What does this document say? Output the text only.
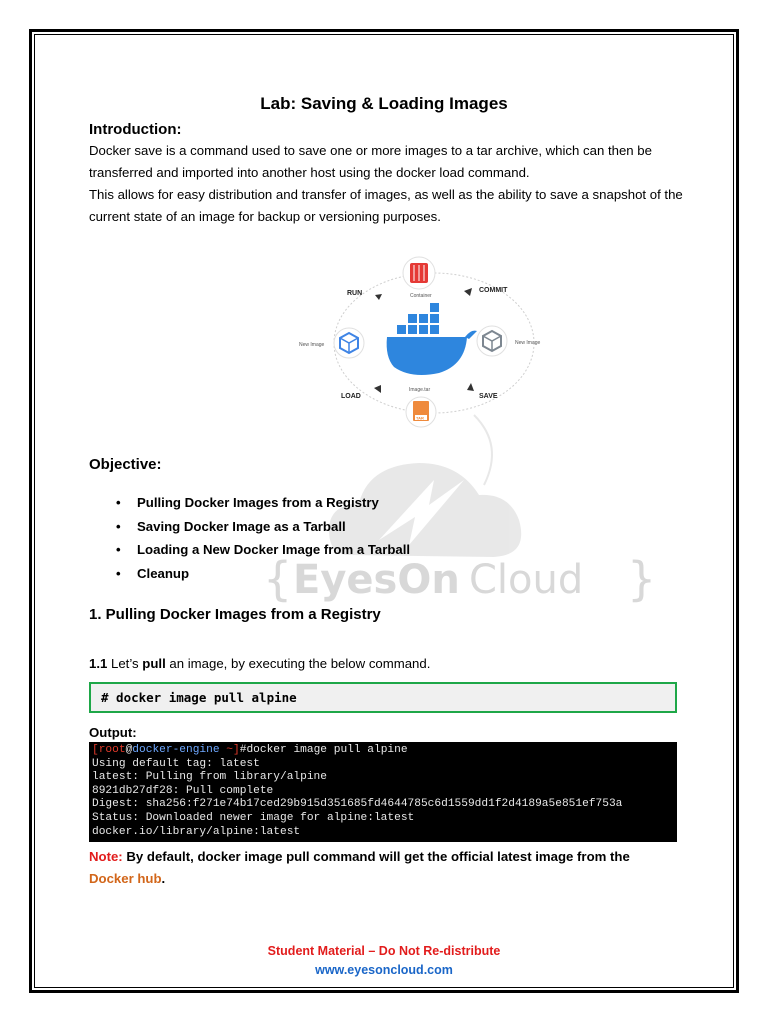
Lab: Saving & Loading Images
Introduction:
Docker save is a command used to save one or more images to a tar archive, which can then be transferred and imported into another host using the docker load command.
This allows for easy distribution and transfer of images, as well as the ability to save a snapshot of the current state of an image for backup or versioning purposes.
RUN	COMMIT
LOAD	SAVE
Container
New Image	New Image
Image.tar
TAR
{ EyesOn Cloud }
Objective:
• Pulling Docker Images from a Registry
• Saving Docker Image as a Tarball
• Loading a New Docker Image from a Tarball
• Cleanup
1. Pulling Docker Images from a Registry
1.1 Let’s pull an image, by executing the below command.
# docker image pull alpine
Output:
[root@docker-engine ~]#docker image pull alpine
Using default tag: latest
latest: Pulling from library/alpine
8921db27df28: Pull complete
Digest: sha256:f271e74b17ced29b915d351685fd4644785c6d1559dd1f2d4189a5e851ef753a
Status: Downloaded newer image for alpine:latest
docker.io/library/alpine:latest
Note: By default, docker image pull command will get the official latest image from the
Docker hub.
Student Material – Do Not Re-distribute
www.eyesoncloud.com
